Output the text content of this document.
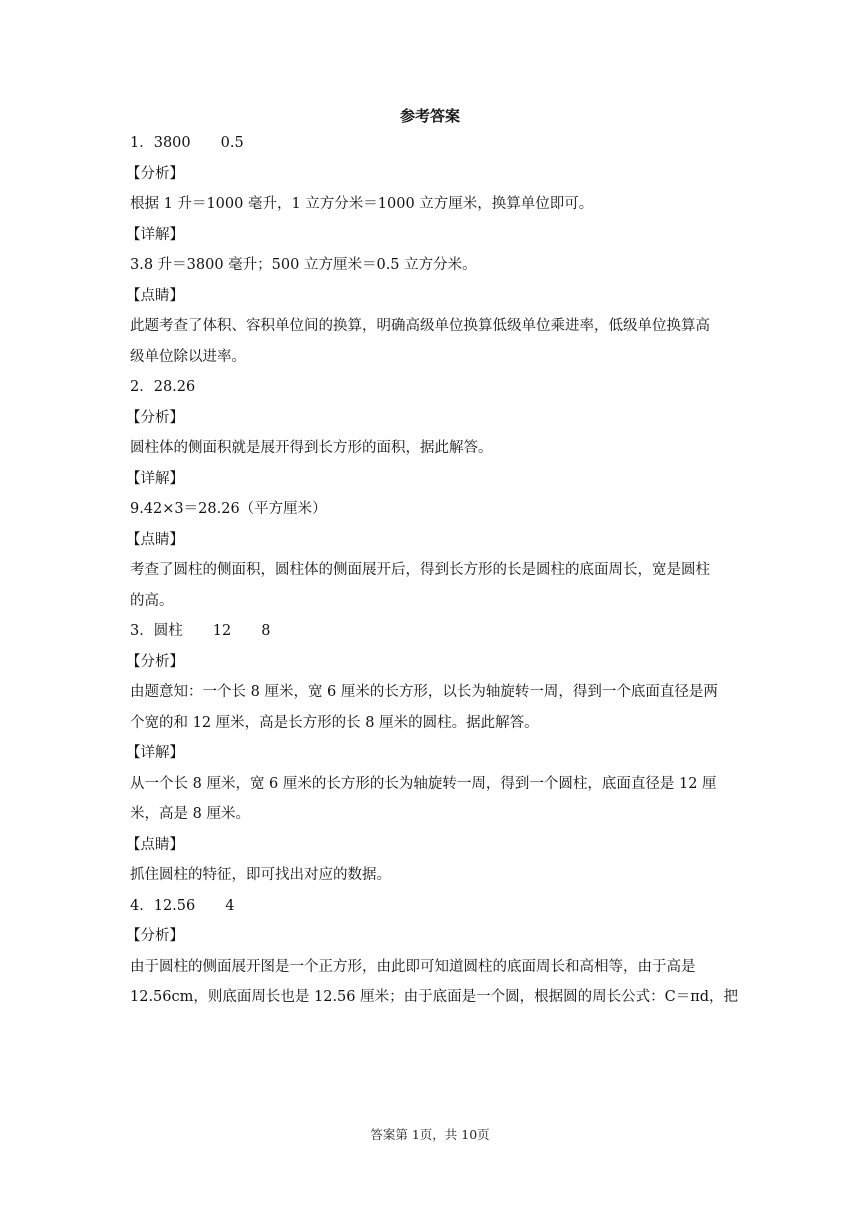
参考答案

1．3800 0.5

【分析】

根据 1 升＝1000 毫升，1 立方分米＝1000 立方厘米，换算单位即可。

【详解】

3.8 升＝3800 毫升；500 立方厘米＝0.5 立方分米。

【点睛】

此题考查了体积、容积单位间的换算，明确高级单位换算低级单位乘进率，低级单位换算高

级单位除以进率。

2．28.26

【分析】

圆柱体的侧面积就是展开得到长方形的面积，据此解答。

【详解】

9.42×3＝28.26（平方厘米）

【点睛】

考查了圆柱的侧面积，圆柱体的侧面展开后，得到长方形的长是圆柱的底面周长，宽是圆柱

的高。

3．圆柱 12 8

【分析】

由题意知：一个长 8 厘米，宽 6 厘米的长方形，以长为轴旋转一周，得到一个底面直径是两

个宽的和 12 厘米，高是长方形的长 8 厘米的圆柱。据此解答。

【详解】

从一个长 8 厘米，宽 6 厘米的长方形的长为轴旋转一周，得到一个圆柱，底面直径是 12 厘

米，高是 8 厘米。

【点睛】

抓住圆柱的特征，即可找出对应的数据。

4．12.56 4

【分析】

由于圆柱的侧面展开图是一个正方形，由此即可知道圆柱的底面周长和高相等，由于高是

12.56cm，则底面周长也是 12.56 厘米；由于底面是一个圆，根据圆的周长公式：C＝πd，把

答案第 1页，共 10页
